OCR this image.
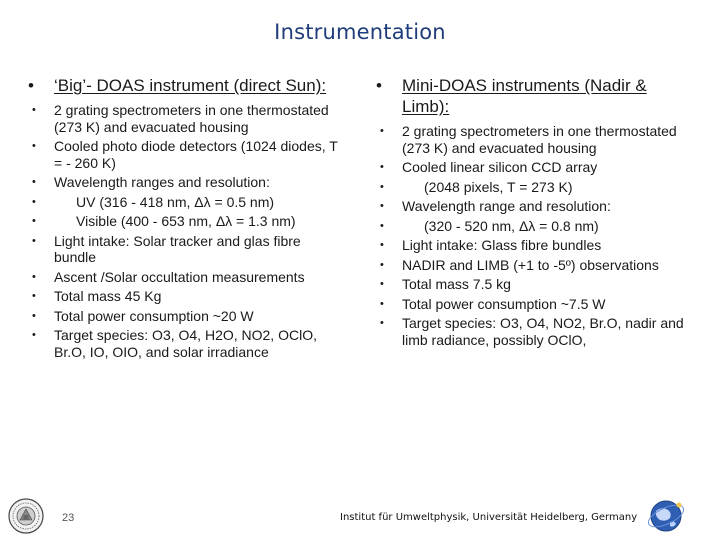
Instrumentation
• ‘Big’- DOAS instrument (direct Sun):
• 2 grating spectrometers in one thermostated (273 K) and evacuated housing
• Cooled photo diode detectors (1024 diodes, T = - 260 K)
• Wavelength ranges and resolution:
•	UV (316 - 418 nm, Δλ = 0.5 nm)
•	Visible (400 - 653 nm, Δλ = 1.3 nm)
• Light intake: Solar tracker and glas fibre bundle
• Ascent /Solar occultation measurements
• Total mass 45 Kg
• Total power consumption ~20 W
• Target species: O3, O4, H2O, NO2, OClO, Br.O, IO, OIO, and solar irradiance
• Mini-DOAS instruments (Nadir & Limb):
• 2 grating spectrometers in one thermostated (273 K) and evacuated housing
• Cooled linear silicon CCD array
•	(2048 pixels, T = 273 K)
• Wavelength range and resolution:
•	(320 - 520 nm, Δλ = 0.8 nm)
• Light intake: Glass fibre bundles
• NADIR and LIMB (+1 to -5º) observations
• Total mass 7.5 kg
• Total power consumption ~7.5 W
• Target species: O3, O4, NO2, Br.O, nadir and limb radiance, possibly OClO,
23	Institut für Umweltphysik, Universität Heidelberg, Germany
